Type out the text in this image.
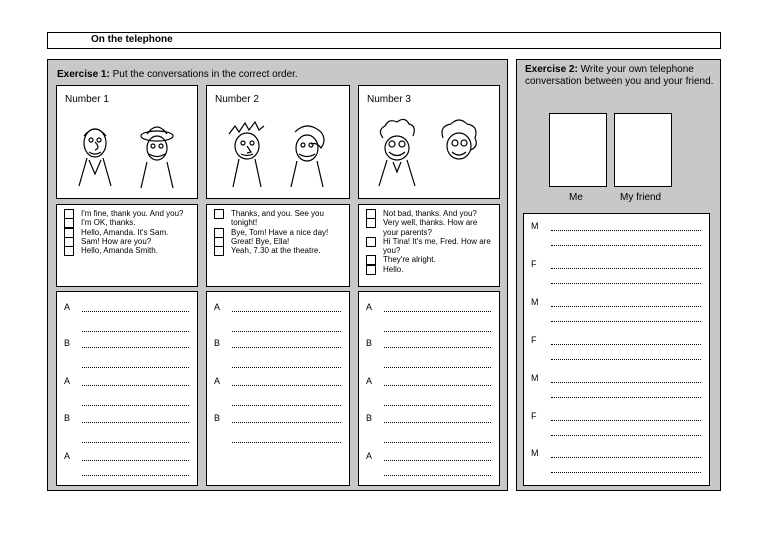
On the telephone
Exercise 1: Put the conversations in the correct order.
Number 1
I'm fine, thank you. And you?
I'm OK, thanks.
Hello, Amanda. It's Sam.
Sam! How are you?
Hello, Amanda Smith.
A
B
A
B
A
Number 2
Thanks, and you. See you tonight!
Bye, Tom! Have a nice day!
Great! Bye, Ella!
Yeah, 7.30 at the theatre.
A
B
A
B
Number 3
Not bad, thanks. And you?
Very well, thanks. How are your parents?
Hi Tina! It's me, Fred. How are you?
They're alright.
Hello.
A
B
A
B
A
Exercise 2: Write your own telephone conversation between you and your friend.
Me	My friend
M
F
M
F
M
F
M
